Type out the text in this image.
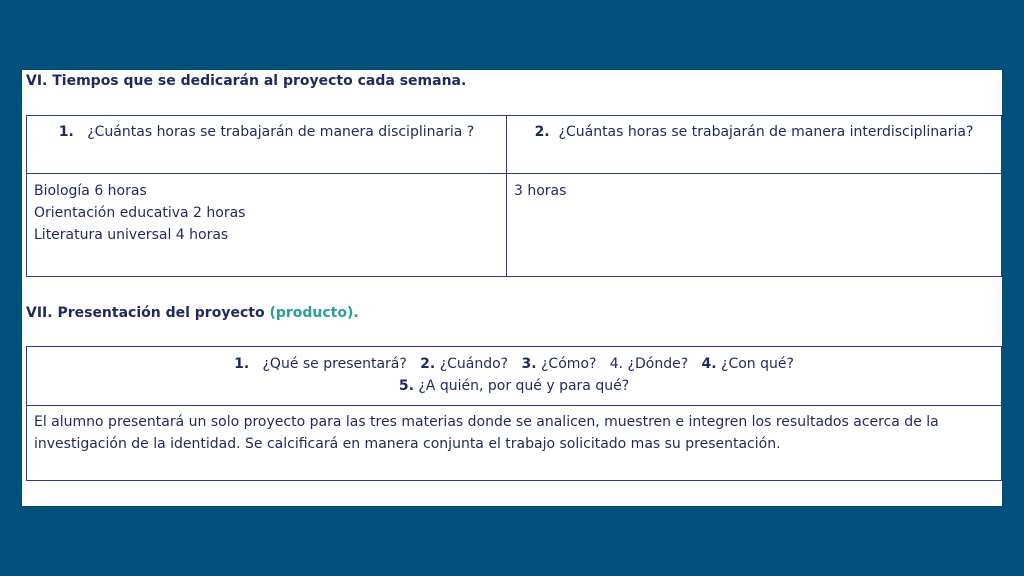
VI. Tiempos que se dedicarán al proyecto cada semana.
1. ¿Cuántas horas se trabajarán de manera disciplinaria ?	2. ¿Cuántas horas se trabajarán de manera interdisciplinaria?

Biología 6 horas
Orientación educativa 2 horas
Literatura universal 4 horas	3 horas
VII. Presentación del proyecto (producto).
1. ¿Qué se presentará? 2. ¿Cuándo? 3. ¿Cómo? 4. ¿Dónde? 4. ¿Con qué?
5. ¿A quién, por qué y para qué?

El alumno presentará un solo proyecto para las tres materias donde se analicen, muestren e integren los resultados acerca de la investigación de la identidad. Se calcificará en manera conjunta el trabajo solicitado mas su presentación.
